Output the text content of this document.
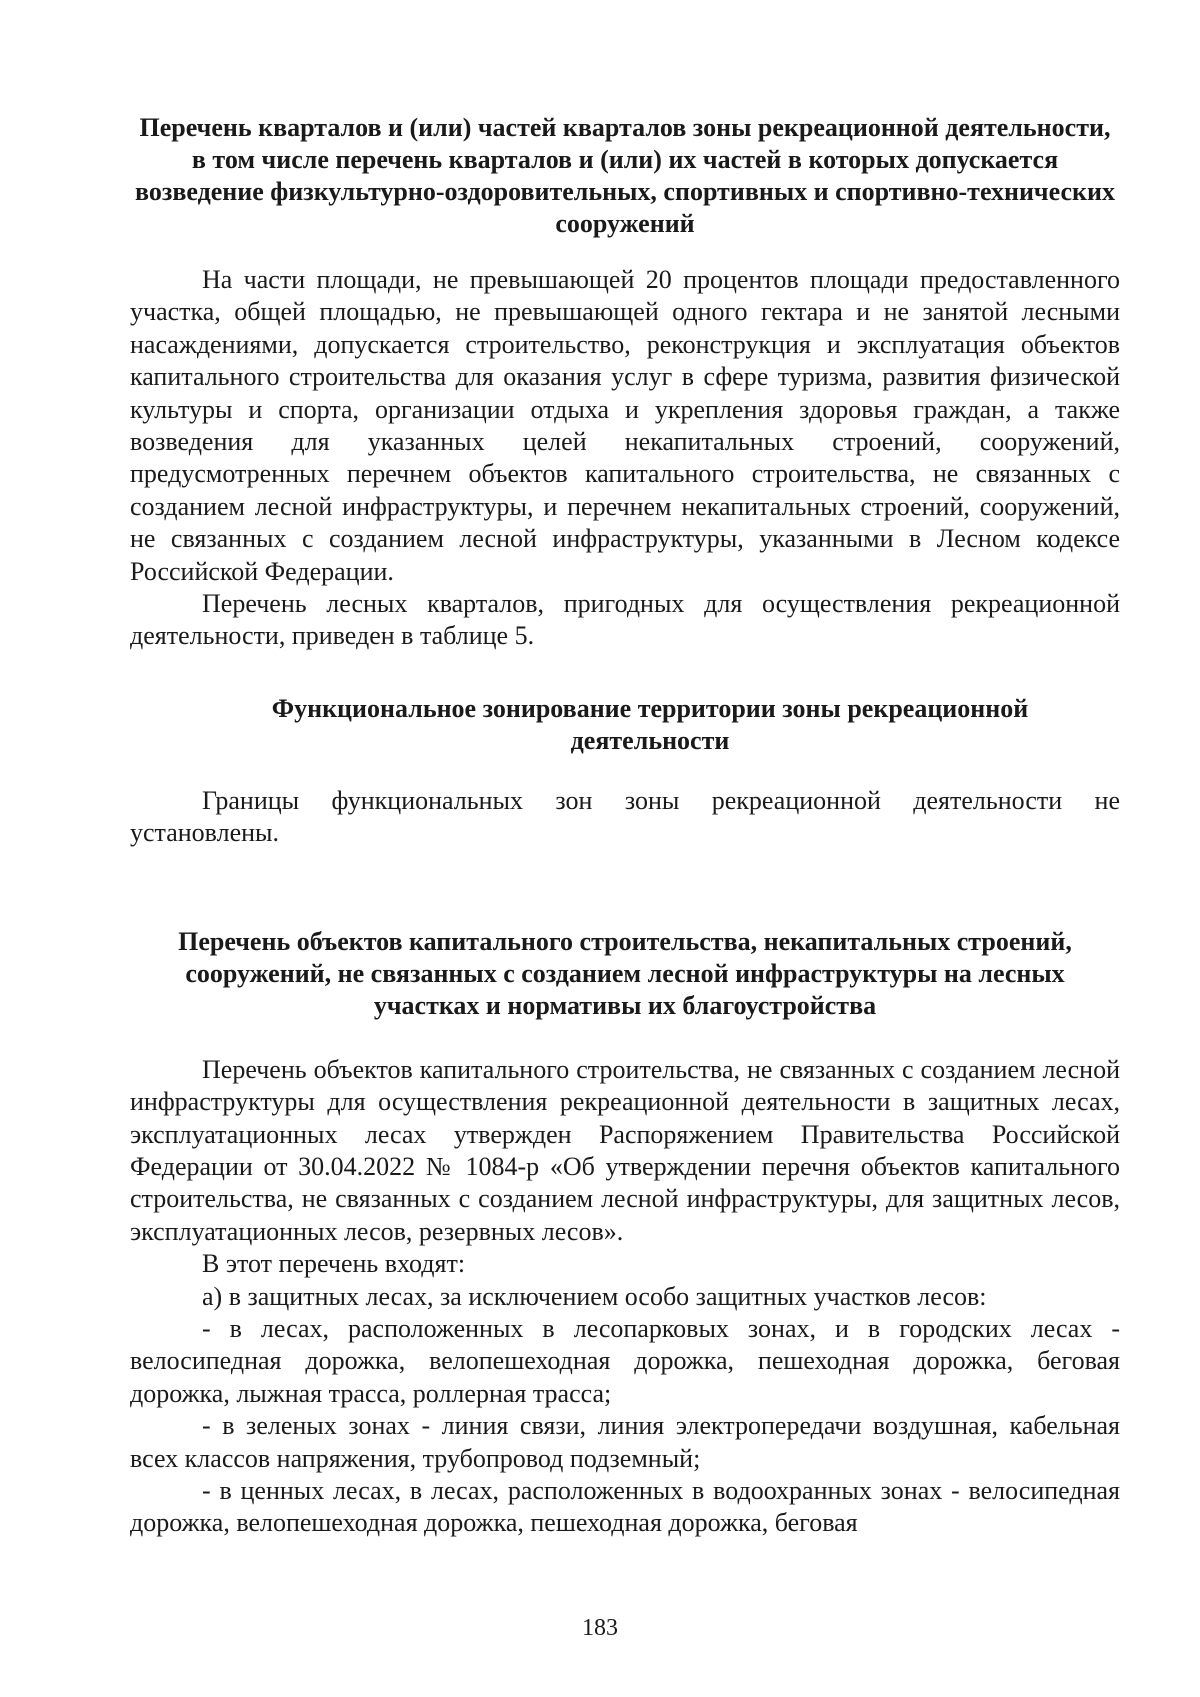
Перечень кварталов и (или) частей кварталов зоны рекреационной деятельности, в том числе перечень кварталов и (или) их частей в которых допускается возведение физкультурно-оздоровительных, спортивных и спортивно-технических сооружений

На части площади, не превышающей 20 процентов площади предоставленного участка, общей площадью, не превышающей одного гектара и не занятой лесными насаждениями, допускается строительство, реконструкция и эксплуатация объектов капитального строительства для оказания услуг в сфере туризма, развития физической культуры и спорта, организации отдыха и укрепления здоровья граждан, а также возведения для указанных целей некапитальных строений, сооружений, предусмотренных перечнем объектов капитального строительства, не связанных с созданием лесной инфраструктуры, и перечнем некапитальных строений, сооружений, не связанных с созданием лесной инфраструктуры, указанными в Лесном кодексе Российской Федерации.

Перечень лесных кварталов, пригодных для осуществления рекреационной деятельности, приведен в таблице 5.

Функциональное зонирование территории зоны рекреационной деятельности

Границы функциональных зон зоны рекреационной деятельности не установлены.

Перечень объектов капитального строительства, некапитальных строений, сооружений, не связанных с созданием лесной инфраструктуры на лесных участках и нормативы их благоустройства

Перечень объектов капитального строительства, не связанных с созданием лесной инфраструктуры для осуществления рекреационной деятельности в защитных лесах, эксплуатационных лесах утвержден Распоряжением Правительства Российской Федерации от 30.04.2022 № 1084-р «Об утверждении перечня объектов капитального строительства, не связанных с созданием лесной инфраструктуры, для защитных лесов, эксплуатационных лесов, резервных лесов».

В этот перечень входят:

а) в защитных лесах, за исключением особо защитных участков лесов:

- в лесах, расположенных в лесопарковых зонах, и в городских лесах - велосипедная дорожка, велопешеходная дорожка, пешеходная дорожка, беговая дорожка, лыжная трасса, роллерная трасса;

- в зеленых зонах - линия связи, линия электропередачи воздушная, кабельная всех классов напряжения, трубопровод подземный;

- в ценных лесах, в лесах, расположенных в водоохранных зонах - велосипедная дорожка, велопешеходная дорожка, пешеходная дорожка, беговая

183
